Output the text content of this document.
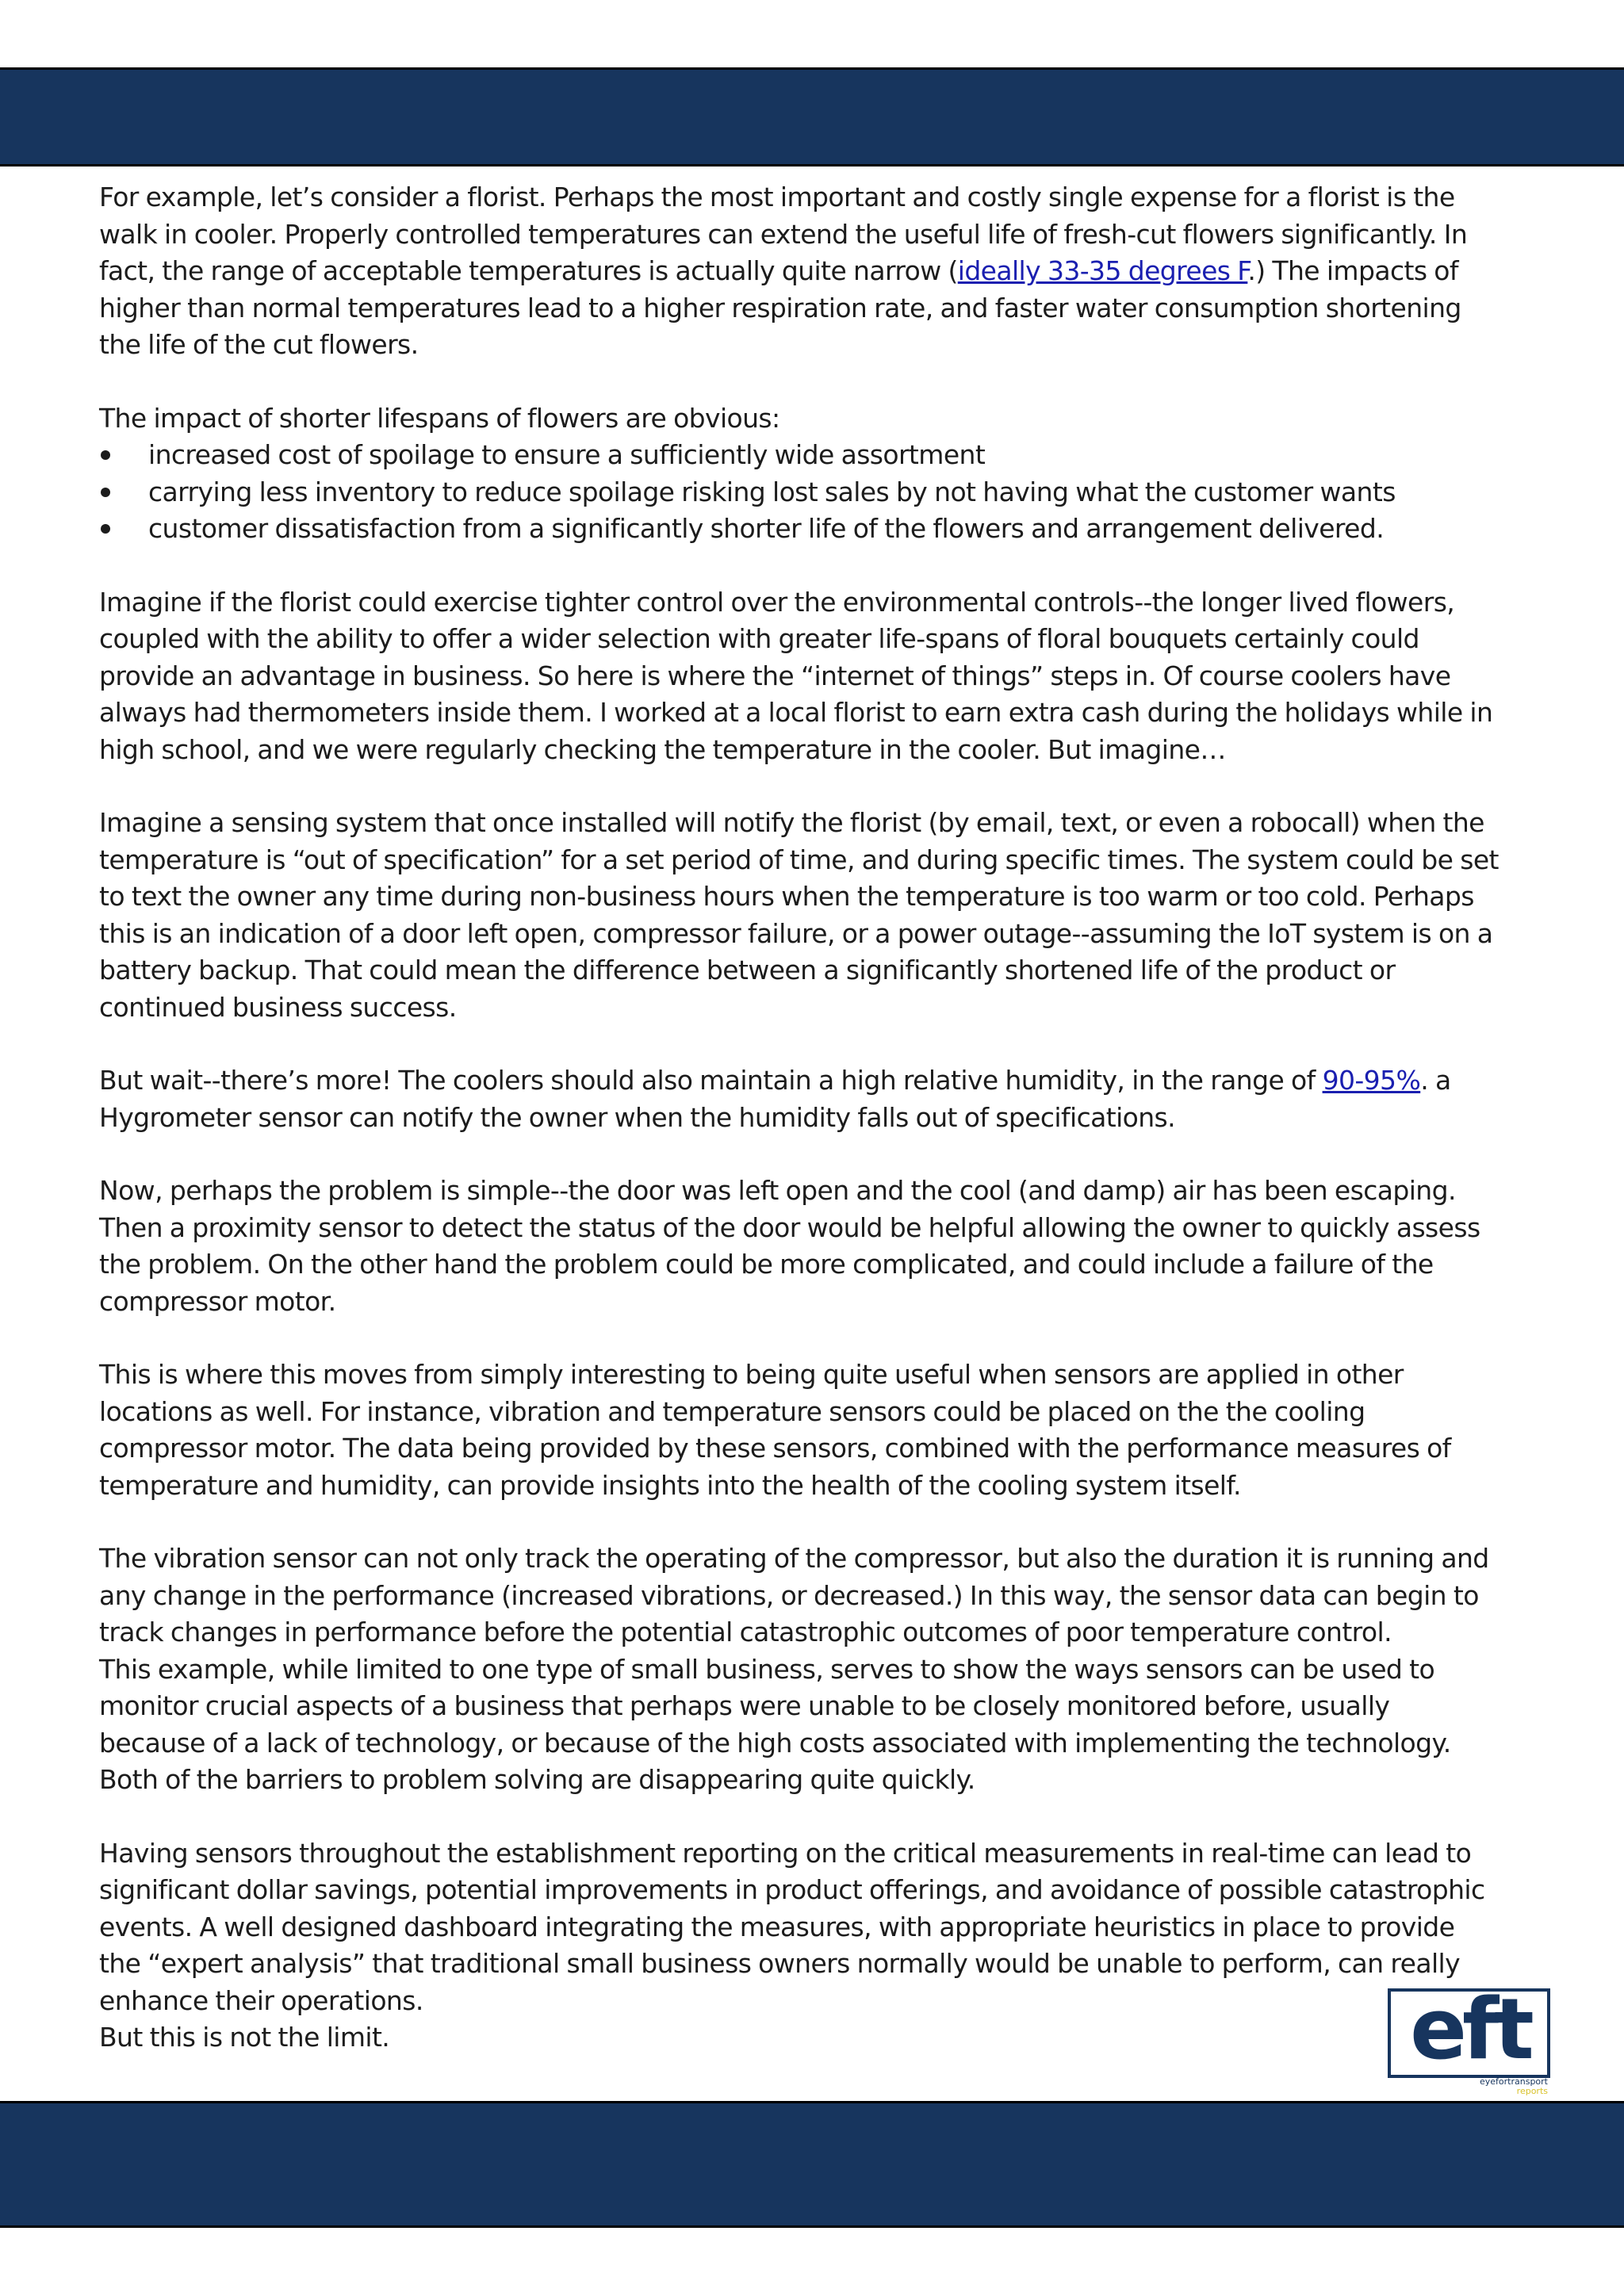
For example, let’s consider a florist. Perhaps the most important and costly single expense for a florist is the walk in cooler. Properly controlled temperatures can extend the useful life of fresh-cut flowers significantly. In fact, the range of acceptable temperatures is actually quite narrow (ideally 33-35 degrees F.) The impacts of higher than normal temperatures lead to a higher respiration rate, and faster water consumption shortening the life of the cut flowers.

The impact of shorter lifespans of flowers are obvious:

increased cost of spoilage to ensure a sufficiently wide assortment
carrying less inventory to reduce spoilage risking lost sales by not having what the customer wants
customer dissatisfaction from a significantly shorter life of the flowers and arrangement delivered.

Imagine if the florist could exercise tighter control over the environmental controls--the longer lived flowers, coupled with the ability to offer a wider selection with greater life-spans of floral bouquets certainly could provide an advantage in business. So here is where the “internet of things” steps in. Of course coolers have always had thermometers inside them. I worked at a local florist to earn extra cash during the holidays while in high school, and we were regularly checking the temperature in the cooler. But imagine…

Imagine a sensing system that once installed will notify the florist (by email, text, or even a robocall) when the temperature is “out of specification” for a set period of time, and during specific times. The system could be set to text the owner any time during non-business hours when the temperature is too warm or too cold. Perhaps this is an indication of a door left open, compressor failure, or a power outage--assuming the IoT system is on a battery backup. That could mean the difference between a significantly shortened life of the product or continued business success.

But wait--there’s more! The coolers should also maintain a high relative humidity, in the range of 90-95%. a Hygrometer sensor can notify the owner when the humidity falls out of specifications.

Now, perhaps the problem is simple--the door was left open and the cool (and damp) air has been escaping. Then a proximity sensor to detect the status of the door would be helpful allowing the owner to quickly assess the problem. On the other hand the problem could be more complicated, and could include a failure of the compressor motor.

This is where this moves from simply interesting to being quite useful when sensors are applied in other locations as well. For instance, vibration and temperature sensors could be placed on the the cooling compressor motor. The data being provided by these sensors, combined with the performance measures of temperature and humidity, can provide insights into the health of the cooling system itself.

The vibration sensor can not only track the operating of the compressor, but also the duration it is running and any change in the performance (increased vibrations, or decreased.) In this way, the sensor data can begin to track changes in performance before the potential catastrophic outcomes of poor temperature control.

This example, while limited to one type of small business, serves to show the ways sensors can be used to monitor crucial aspects of a business that perhaps were unable to be closely monitored before, usually because of a lack of technology, or because of the high costs associated with implementing the technology. Both of the barriers to problem solving are disappearing quite quickly.

Having sensors throughout the establishment reporting on the critical measurements in real-time can lead to significant dollar savings, potential improvements in product offerings, and avoidance of possible catastrophic events. A well designed dashboard integrating the measures, with appropriate heuristics in place to provide the “expert analysis” that traditional small business owners normally would be unable to perform, can really enhance their operations.

But this is not the limit.	eft
eyefortransport
reports
